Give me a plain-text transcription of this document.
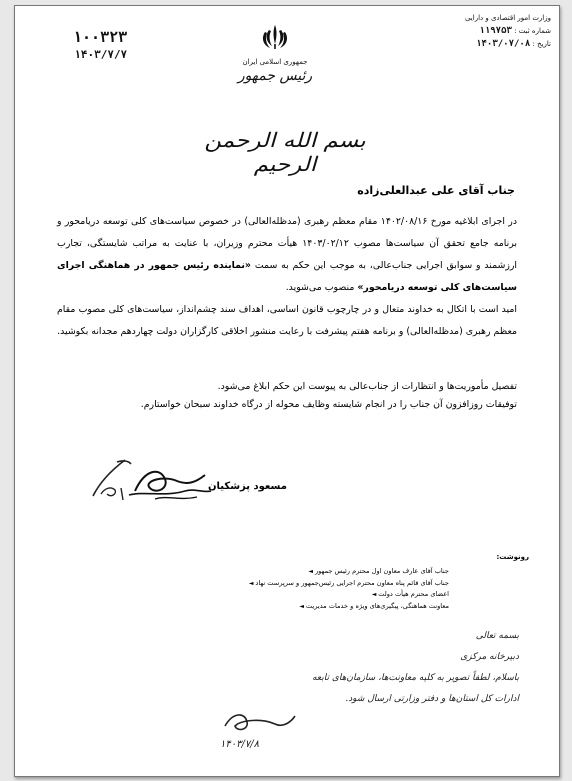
وزارت امور اقتصادی و دارایی
شماره ثبت : ۱۱۹۷۵۳
تاریخ : ۱۴۰۳/۰۷/۰۸
۱۰۰۳۲۳
۱۴۰۳/۷/۷
جمهوری اسلامی ایران
رئیس جمهور
بسم الله الرحمن الرحیم
جناب آقای علی عبدالعلی‌زاده

در اجرای ابلاغیه مورخ ۱۴۰۲/۰۸/۱۶ مقام معظم رهبری (مدظله‌العالی) در خصوص سیاست‌های کلی توسعه دریامحور و برنامه جامع تحقق آن سیاست‌ها مصوب ۱۴۰۳/۰۲/۱۲ هیأت محترم وزیران، با عنایت به مراتب شایستگی، تجارب ارزشمند و سوابق اجرایی جناب‌عالی، به موجب این حکم به سمت «نماینده رئیس جمهور در هماهنگی اجرای سیاست‌های کلی توسعه دریامحور» منصوب می‌شوید.

امید است با اتکال به خداوند متعال و در چارچوب قانون اساسی، اهداف سند چشم‌انداز، سیاست‌های کلی مصوب مقام معظم رهبری (مدظله‌العالی) و برنامه هفتم پیشرفت با رعایت منشور اخلاقی کارگزاران دولت چهاردهم مجدانه بکوشید.

تفصیل مأموریت‌ها و انتظارات از جناب‌عالی به پیوست این حکم ابلاغ می‌شود.
توفیقات روزافزون آن جناب را در انجام شایسته وظایف محوله از درگاه خداوند سبحان خواستارم.
مسعود پزشکیان
رونوشت:
جناب آقای عارف معاون اول محترم رئیس جمهور ◄
جناب آقای قائم پناه معاون محترم اجرایی رئیس‌جمهور و سرپرست نهاد ◄
اعضای محترم هیأت دولت ◄
معاونت هماهنگی، پیگیری‌های ویژه و خدمات مدیریت ◄
بسمه تعالی
دبیرخانه مرکزی
باسلام، لطفاً تصویر به کلیه معاونت‌ها، سازمان‌های تابعه
ادارات کل استان‌ها و دفتر وزارتی ارسال شود.
۱۴۰۳/۷/۸
